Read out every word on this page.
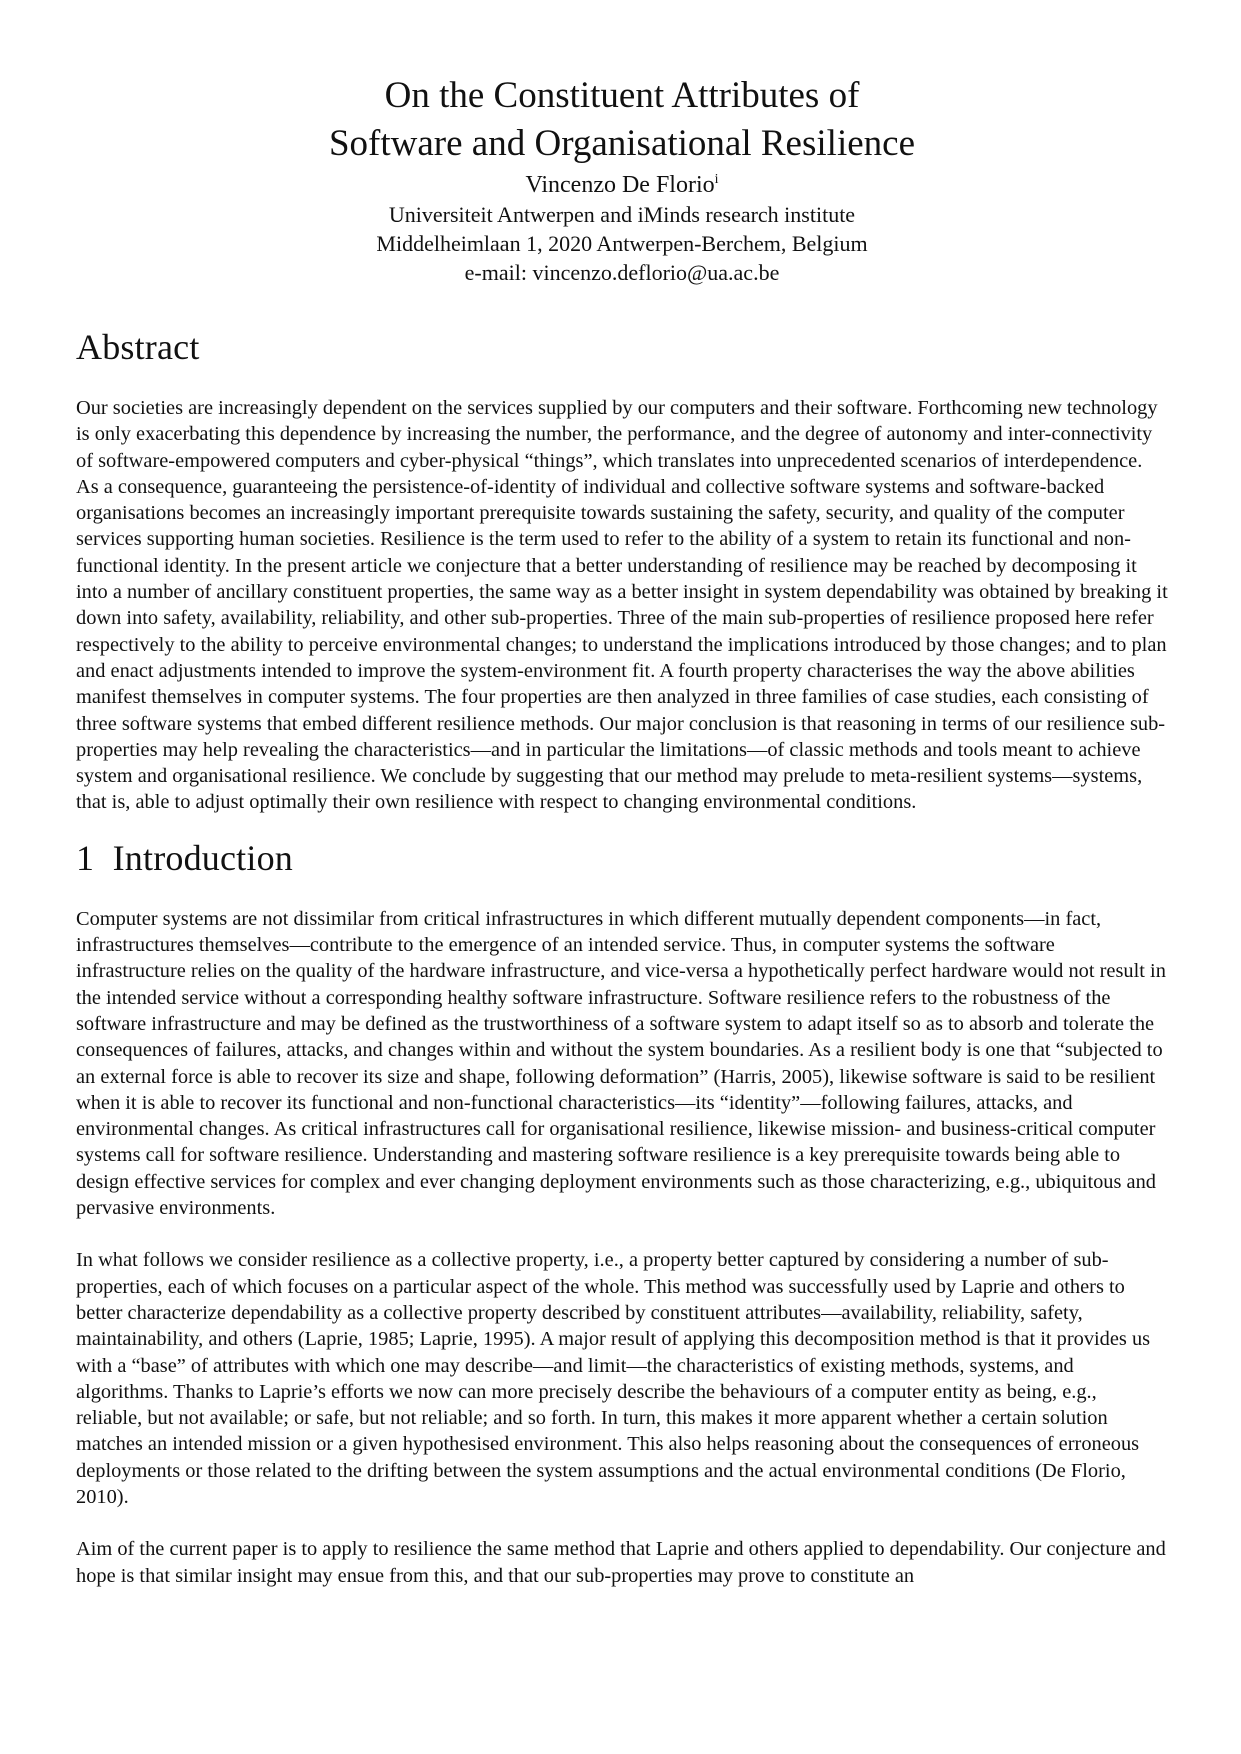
On the Constituent Attributes of
Software and Organisational Resilience
Vincenzo De Florio$^i$
Universiteit Antwerpen and iMinds research institute
Middelheimlaan 1, 2020 Antwerpen-Berchem, Belgium
e-mail: vincenzo.deflorio@ua.ac.be
Abstract

Our societies are increasingly dependent on the services supplied by our computers and their software. Forthcoming new technology is only exacerbating this dependence by increasing the number, the performance, and the degree of autonomy and inter-connectivity of software-empowered computers and cyber-physical “things”, which translates into unprecedented scenarios of interdependence. As a consequence, guaranteeing the persistence-of-identity of individual and collective software systems and software-backed organisations becomes an increasingly important prerequisite towards sustaining the safety, security, and quality of the computer services supporting human societies. Resilience is the term used to refer to the ability of a system to retain its functional and non-functional identity. In the present article we conjecture that a better understanding of resilience may be reached by decomposing it into a number of ancillary constituent properties, the same way as a better insight in system dependability was obtained by breaking it down into safety, availability, reliability, and other sub-properties. Three of the main sub-properties of resilience proposed here refer respectively to the ability to perceive environmental changes; to understand the implications introduced by those changes; and to plan and enact adjustments intended to improve the system-environment fit. A fourth property characterises the way the above abilities manifest themselves in computer systems. The four properties are then analyzed in three families of case studies, each consisting of three software systems that embed different resilience methods. Our major conclusion is that reasoning in terms of our resilience sub-properties may help revealing the characteristics—and in particular the limitations—of classic methods and tools meant to achieve system and organisational resilience. We conclude by suggesting that our method may prelude to meta-resilient systems—systems, that is, able to adjust optimally their own resilience with respect to changing environmental conditions.

1 Introduction

Computer systems are not dissimilar from critical infrastructures in which different mutually dependent components—in fact, infrastructures themselves—contribute to the emergence of an intended service. Thus, in computer systems the software infrastructure relies on the quality of the hardware infrastructure, and vice-versa a hypothetically perfect hardware would not result in the intended service without a corresponding healthy software infrastructure. Software resilience refers to the robustness of the software infrastructure and may be defined as the trustworthiness of a software system to adapt itself so as to absorb and tolerate the consequences of failures, attacks, and changes within and without the system boundaries. As a resilient body is one that “subjected to an external force is able to recover its size and shape, following deformation” (Harris, 2005), likewise software is said to be resilient when it is able to recover its functional and non-functional characteristics—its “identity”—following failures, attacks, and environmental changes. As critical infrastructures call for organisational resilience, likewise mission- and business-critical computer systems call for software resilience. Understanding and mastering software resilience is a key prerequisite towards being able to design effective services for complex and ever changing deployment environments such as those characterizing, e.g., ubiquitous and pervasive environments.

In what follows we consider resilience as a collective property, i.e., a property better captured by considering a number of sub-properties, each of which focuses on a particular aspect of the whole. This method was successfully used by Laprie and others to better characterize dependability as a collective property described by constituent attributes—availability, reliability, safety, maintainability, and others (Laprie, 1985; Laprie, 1995). A major result of applying this decomposition method is that it provides us with a “base” of attributes with which one may describe—and limit—the characteristics of existing methods, systems, and algorithms. Thanks to Laprie’s efforts we now can more precisely describe the behaviours of a computer entity as being, e.g., reliable, but not available; or safe, but not reliable; and so forth. In turn, this makes it more apparent whether a certain solution matches an intended mission or a given hypothesised environment. This also helps reasoning about the consequences of erroneous deployments or those related to the drifting between the system assumptions and the actual environmental conditions (De Florio, 2010).

Aim of the current paper is to apply to resilience the same method that Laprie and others applied to dependability. Our conjecture and hope is that similar insight may ensue from this, and that our sub-properties may prove to constitute an
